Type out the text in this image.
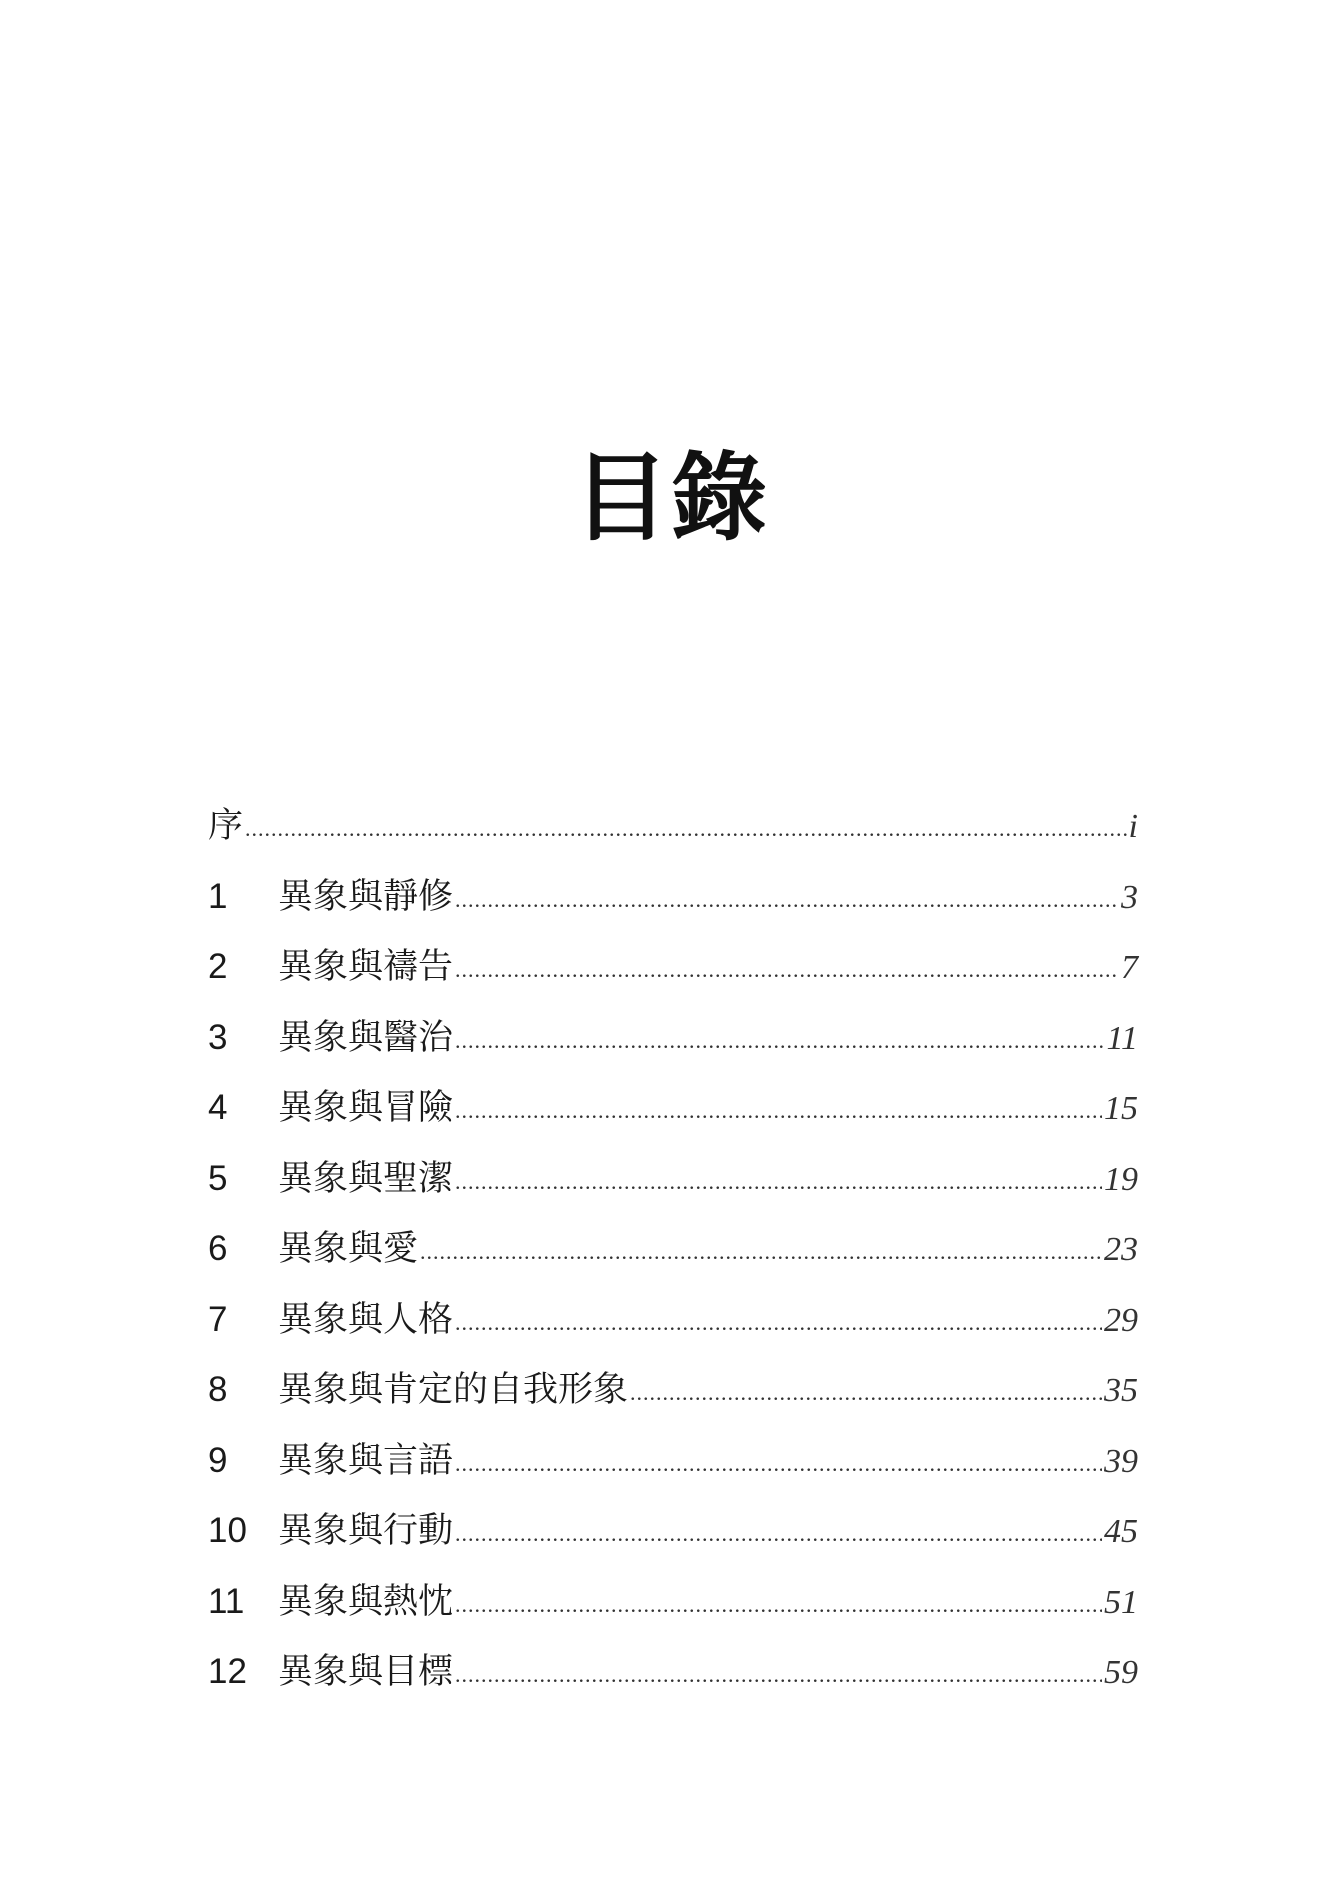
目錄
序 .....	i
1	異象與靜修 .....	3
2	異象與禱告 .....	7
3	異象與醫治 .....	11
4	異象與冒險 .....	15
5	異象與聖潔 .....	19
6	異象與愛 .....	23
7	異象與人格 .....	29
8	異象與肯定的自我形象 .....	35
9	異象與言語 .....	39
10 異象與行動 .....	45
11 異象與熱忱 .....	51
12 異象與目標 .....	59
